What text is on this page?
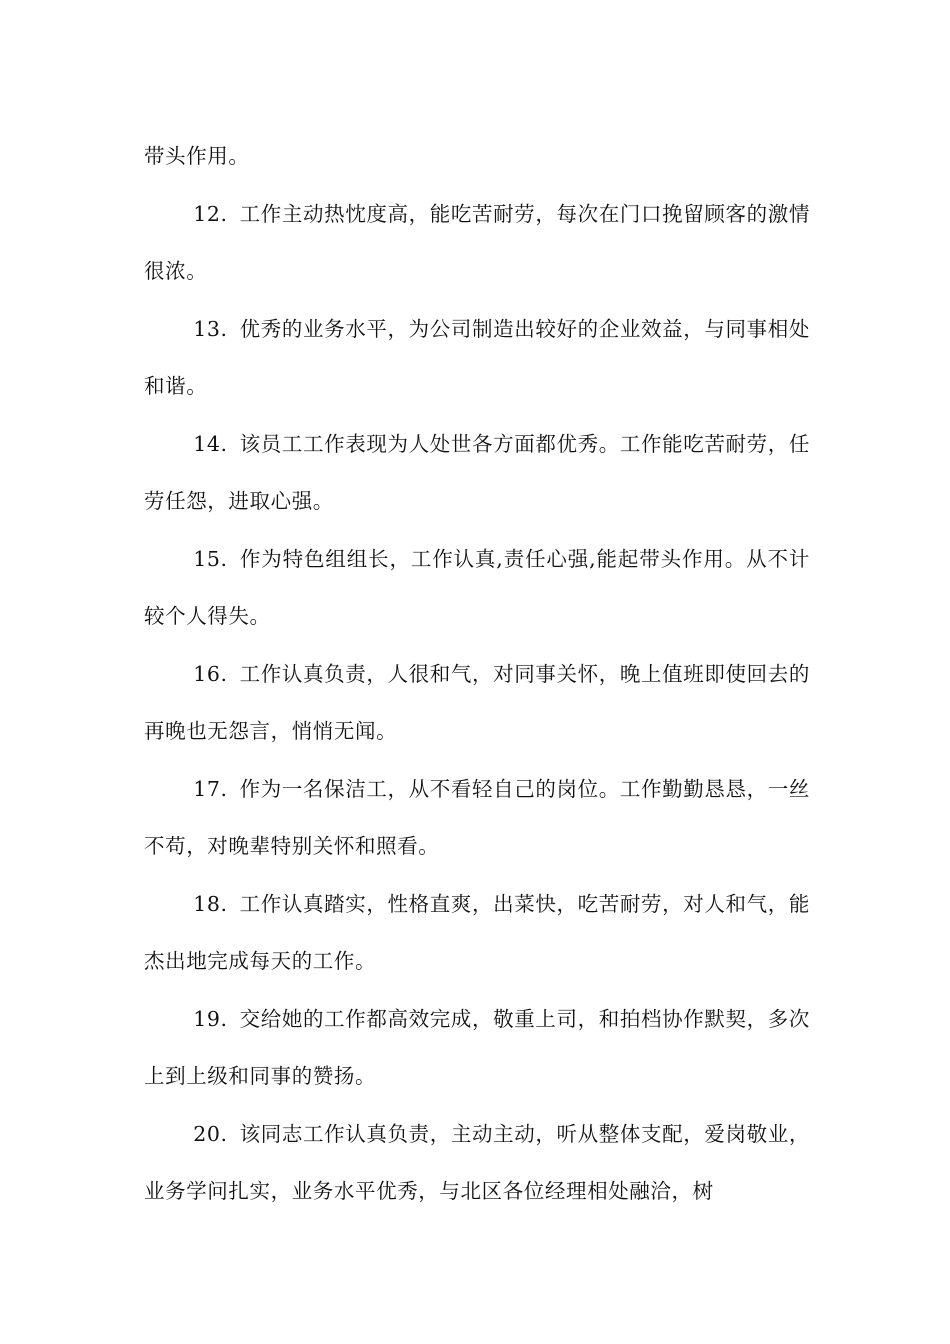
带头作用。

12. 工作主动热忱度高，能吃苦耐劳，每次在门口挽留顾客的激情很浓。

13. 优秀的业务水平，为公司制造出较好的企业效益，与同事相处和谐。

14. 该员工工作表现为人处世各方面都优秀。工作能吃苦耐劳，任劳任怨，进取心强。

15. 作为特色组组长，工作认真,责任心强,能起带头作用。从不计较个人得失。

16. 工作认真负责，人很和气，对同事关怀，晚上值班即使回去的再晚也无怨言，悄悄无闻。

17. 作为一名保洁工，从不看轻自己的岗位。工作勤勤恳恳，一丝不苟，对晚辈特别关怀和照看。

18. 工作认真踏实，性格直爽，出菜快，吃苦耐劳，对人和气，能杰出地完成每天的工作。

19. 交给她的工作都高效完成，敬重上司，和拍档协作默契，多次上到上级和同事的赞扬。

20. 该同志工作认真负责，主动主动，听从整体支配，爱岗敬业，业务学问扎实，业务水平优秀，与北区各位经理相处融洽，树
